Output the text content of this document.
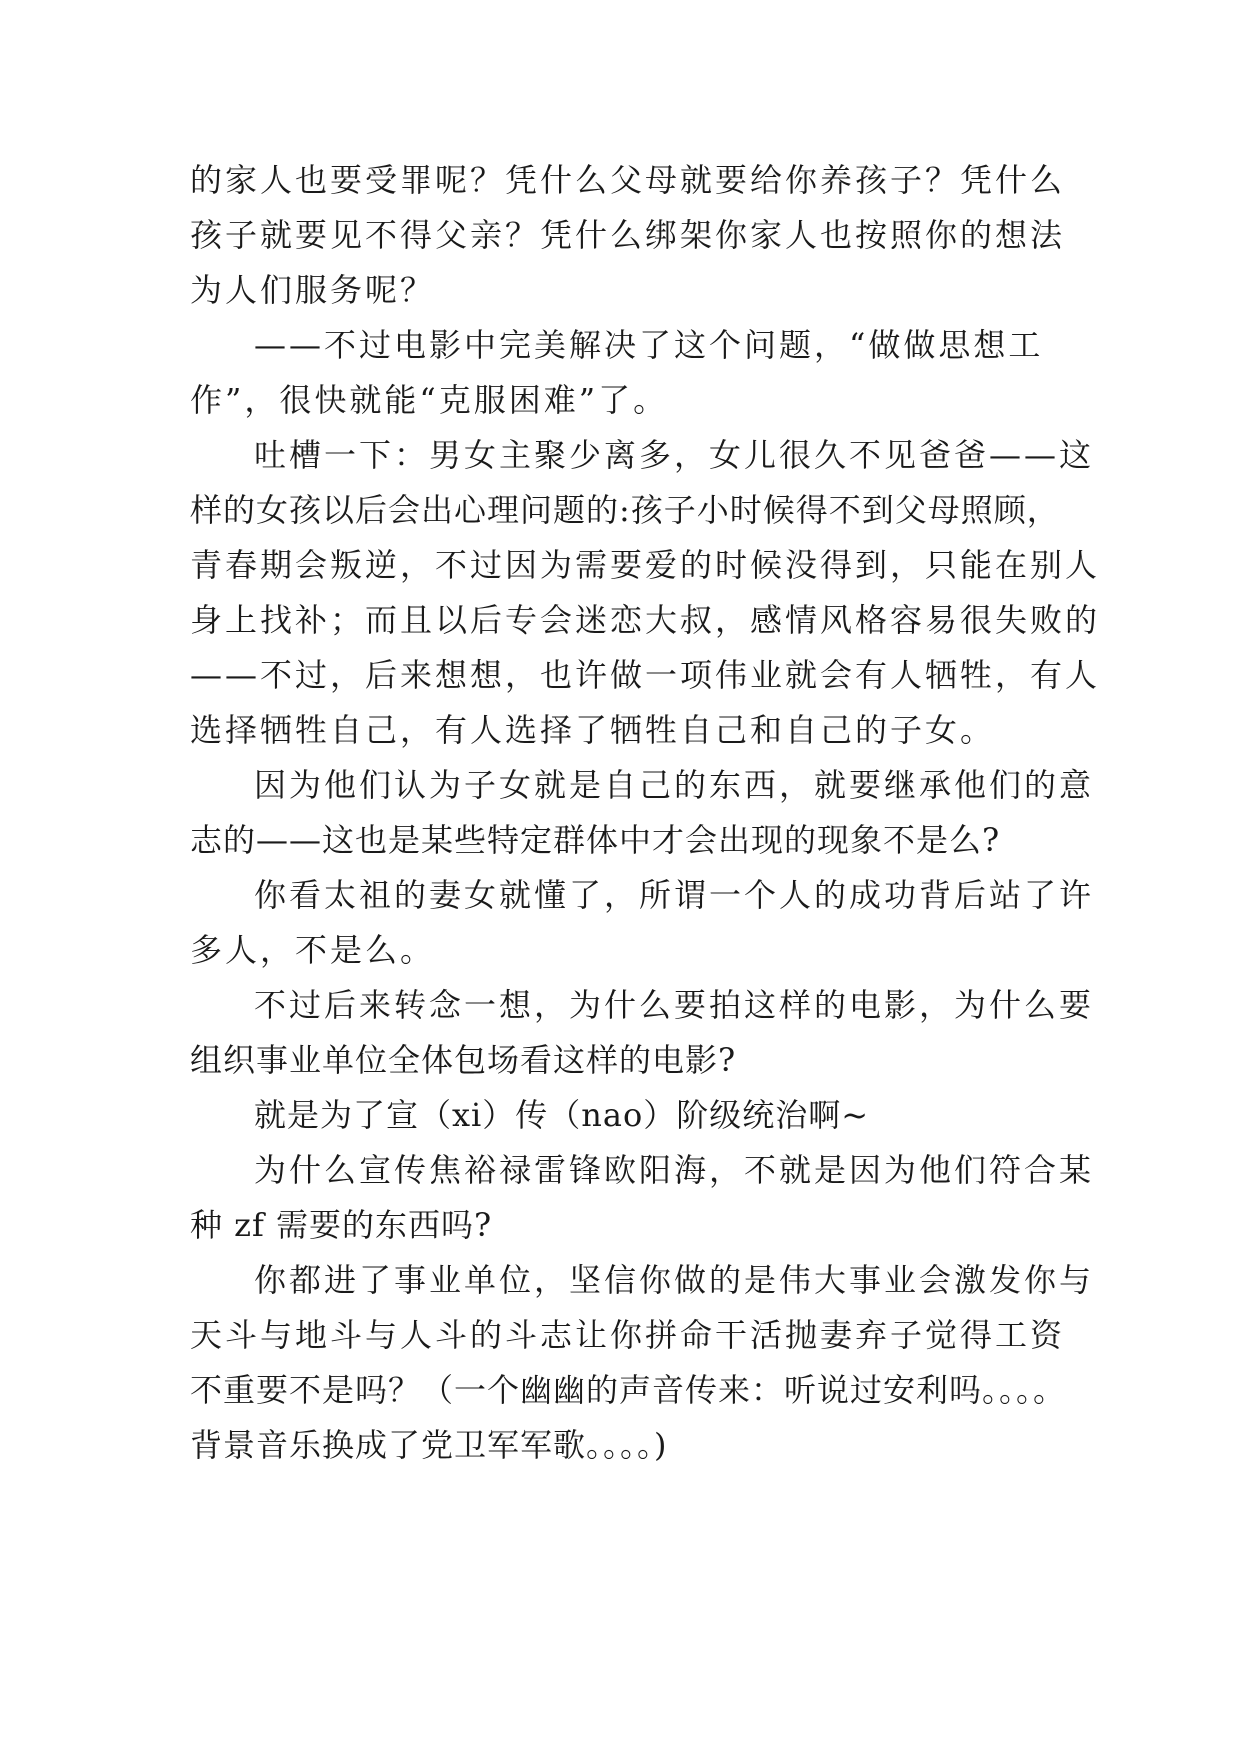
的家人也要受罪呢？凭什么父母就要给你养孩子？凭什么
孩子就要见不得父亲？凭什么绑架你家人也按照你的想法
为人们服务呢？
——不过电影中完美解决了这个问题，“做做思想工
作”，很快就能“克服困难”了。
吐槽一下：男女主聚少离多，女儿很久不见爸爸——这
样的女孩以后会出心理问题的:孩子小时候得不到父母照顾，
青春期会叛逆，不过因为需要爱的时候没得到，只能在别人
身上找补；而且以后专会迷恋大叔，感情风格容易很失败的
——不过，后来想想，也许做一项伟业就会有人牺牲，有人
选择牺牲自己，有人选择了牺牲自己和自己的子女。
因为他们认为子女就是自己的东西，就要继承他们的意
志的——这也是某些特定群体中才会出现的现象不是么?
你看太祖的妻女就懂了，所谓一个人的成功背后站了许
多人，不是么。
不过后来转念一想，为什么要拍这样的电影，为什么要
组织事业单位全体包场看这样的电影?
就是为了宣（xi）传（nao）阶级统治啊~
为什么宣传焦裕禄雷锋欧阳海，不就是因为他们符合某
种 zf 需要的东西吗?
你都进了事业单位，坚信你做的是伟大事业会激发你与
天斗与地斗与人斗的斗志让你拼命干活抛妻弃子觉得工资
不重要不是吗？（一个幽幽的声音传来：听说过安利吗。。。。
背景音乐换成了党卫军军歌。。。。)
